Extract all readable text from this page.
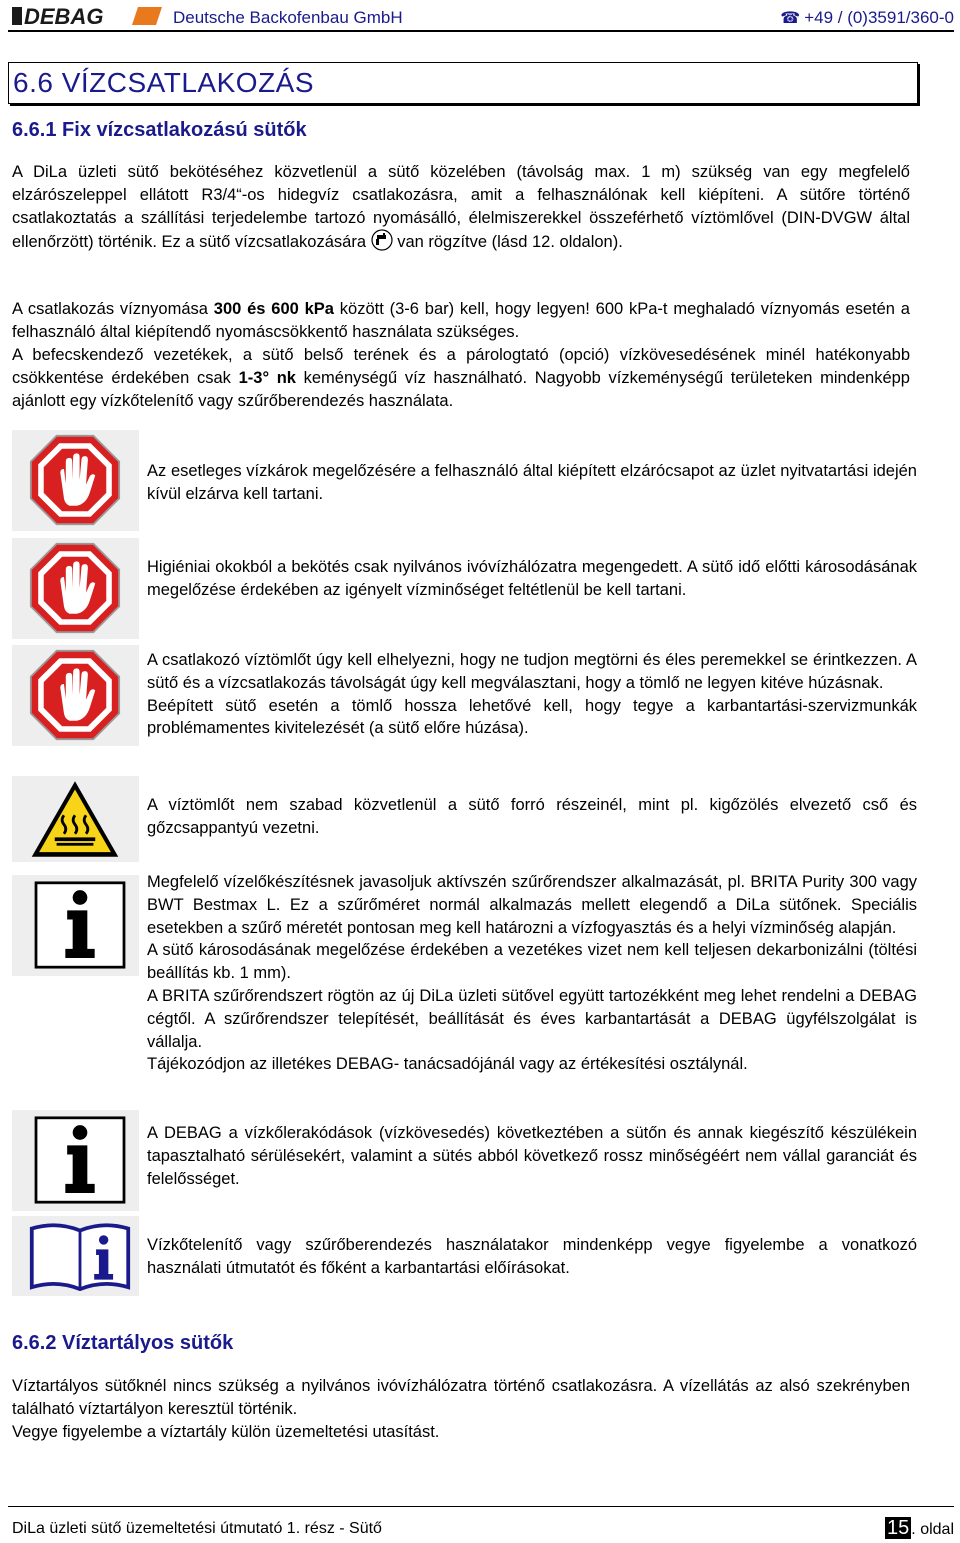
DEBAG	Deutsche Backofenbau GmbH	☎ +49 / (0)3591/360-0
6.6 VÍZCSATLAKOZÁS
6.6.1 Fix vízcsatlakozású sütők
A DiLa üzleti sütő bekötéséhez közvetlenül a sütő közelében (távolság max. 1 m) szükség van egy megfelelő elzárószeleppel ellátott R3/4“-os hidegvíz csatlakozásra, amit a felhasználónak kell kiépíteni. A sütőre történő csatlakoztatás a szállítási terjedelembe tartozó nyomásálló, élelmiszerekkel összeférhető víztömlővel (DIN-DVGW által ellenőrzött) történik. Ez a sütő vízcsatlakozására van rögzítve (lásd 12. oldalon).
A csatlakozás víznyomása 300 és 600 kPa között (3-6 bar) kell, hogy legyen! 600 kPa-t meghaladó víznyomás esetén a felhasználó által kiépítendő nyomáscsökkentő használata szükséges.
A befecskendező vezetékek, a sütő belső terének és a párologtató (opció) vízkövesedésének minél hatékonyabb csökkentése érdekében csak 1-3° nk keménységű víz használható. Nagyobb vízkeménységű területeken mindenképp ajánlott egy vízkőtelenítő vagy szűrőberendezés használata.
Az esetleges vízkárok megelőzésére a felhasználó által kiépített elzárócsapot az üzlet nyitvatartási idején kívül elzárva kell tartani.
Higiéniai okokból a bekötés csak nyilvános ivóvízhálózatra megengedett. A sütő idő előtti károsodásának megelőzése érdekében az igényelt vízminőséget feltétlenül be kell tartani.
A csatlakozó víztömlőt úgy kell elhelyezni, hogy ne tudjon megtörni és éles peremekkel se érintkezzen. A sütő és a vízcsatlakozás távolságát úgy kell megválasztani, hogy a tömlő ne legyen kitéve húzásnak.
Beépített sütő esetén a tömlő hossza lehetővé kell, hogy tegye a karbantartási-szervizmunkák problémamentes kivitelezését (a sütő előre húzása).
A víztömlőt nem szabad közvetlenül a sütő forró részeinél, mint pl. kigőzölés elvezető cső és gőzcsappantyú vezetni.
Megfelelő vízelőkészítésnek javasoljuk aktívszén szűrőrendszer alkalmazását, pl. BRITA Purity 300 vagy BWT Bestmax L. Ez a szűrőméret normál alkalmazás mellett elegendő a DiLa sütőnek. Speciális esetekben a szűrő méretét pontosan meg kell határozni a vízfogyasztás és a helyi vízminőség alapján.
A sütő károsodásának megelőzése érdekében a vezetékes vizet nem kell teljesen dekarbonizálni (töltési beállítás kb. 1 mm).
A BRITA szűrőrendszert rögtön az új DiLa üzleti sütővel együtt tartozékként meg lehet rendelni a DEBAG cégtől. A szűrőrendszer telepítését, beállítását és éves karbantartását a DEBAG ügyfélszolgálat is vállalja.
Tájékozódjon az illetékes DEBAG- tanácsadójánál vagy az értékesítési osztálynál.
A DEBAG a vízkőlerakódások (vízkövesedés) következtében a sütőn és annak kiegészítő készülékein tapasztalható sérülésekért, valamint a sütés abból következő rossz minőségéért nem vállal garanciát és felelősséget.
Vízkőtelenítő vagy szűrőberendezés használatakor mindenképp vegye figyelembe a vonatkozó használati útmutatót és főként a karbantartási előírásokat.
6.6.2 Víztartályos sütők
Víztartályos sütőknél nincs szükség a nyilvános ivóvízhálózatra történő csatlakozásra. A vízellátás az alsó szekrényben található víztartályon keresztül történik.
Vegye figyelembe a víztartály külön üzemeltetési utasítást.
DiLa üzleti sütő üzemeltetési útmutató 1. rész - Sütő	15 . oldal
